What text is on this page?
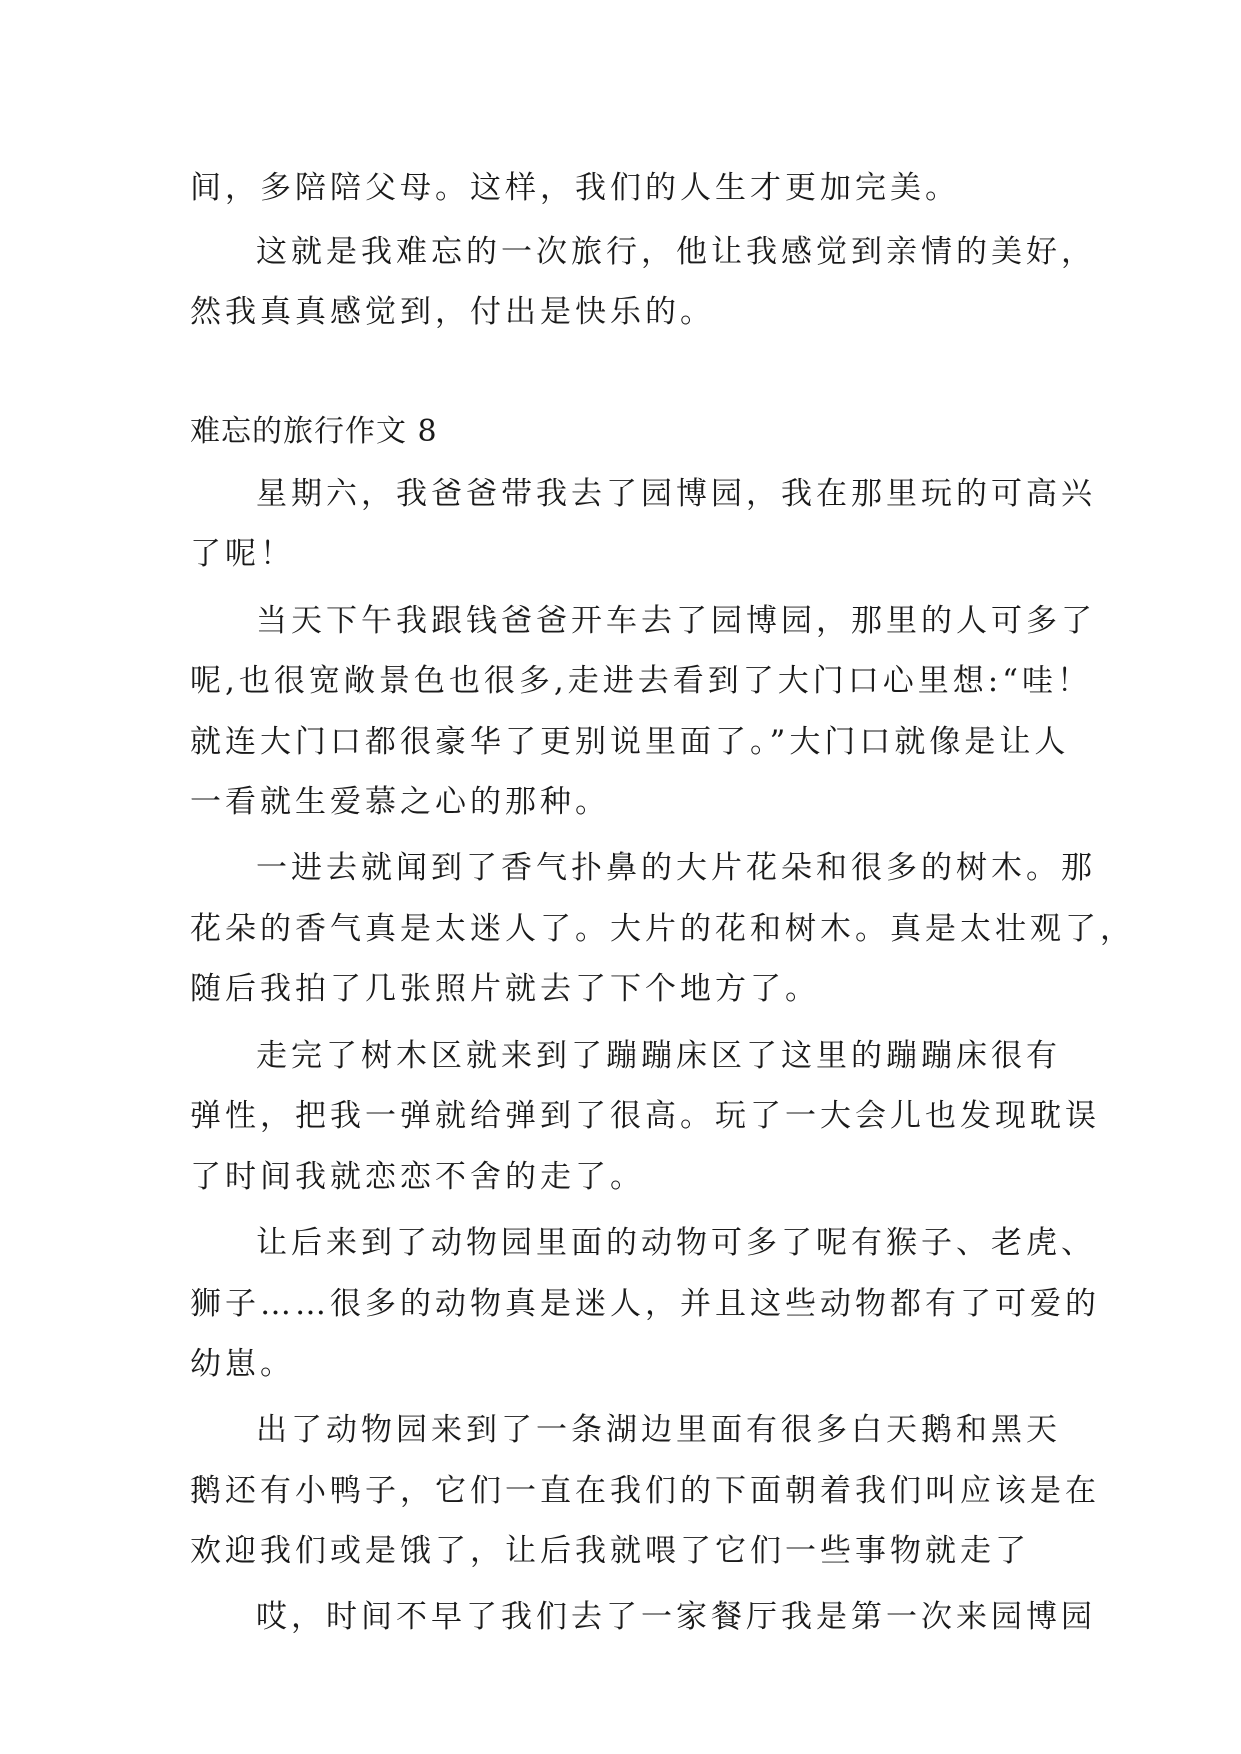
间，多陪陪父母。这样，我们的人生才更加完美。
这就是我难忘的一次旅行，他让我感觉到亲情的美好，
然我真真感觉到，付出是快乐的。
难忘的旅行作文 8
星期六，我爸爸带我去了园博园，我在那里玩的可高兴
了呢！
当天下午我跟钱爸爸开车去了园博园，那里的人可多了
呢,也很宽敞景色也很多,走进去看到了大门口心里想:“哇！
就连大门口都很豪华了更别说里面了。”大门口就像是让人
一看就生爱慕之心的那种。
一进去就闻到了香气扑鼻的大片花朵和很多的树木。那
花朵的香气真是太迷人了。大片的花和树木。真是太壮观了，
随后我拍了几张照片就去了下个地方了。
走完了树木区就来到了蹦蹦床区了这里的蹦蹦床很有
弹性，把我一弹就给弹到了很高。玩了一大会儿也发现耽误
了时间我就恋恋不舍的走了。
让后来到了动物园里面的动物可多了呢有猴子、老虎、
狮子……很多的动物真是迷人，并且这些动物都有了可爱的
幼崽。
出了动物园来到了一条湖边里面有很多白天鹅和黑天
鹅还有小鸭子，它们一直在我们的下面朝着我们叫应该是在
欢迎我们或是饿了，让后我就喂了它们一些事物就走了
哎，时间不早了我们去了一家餐厅我是第一次来园博园
